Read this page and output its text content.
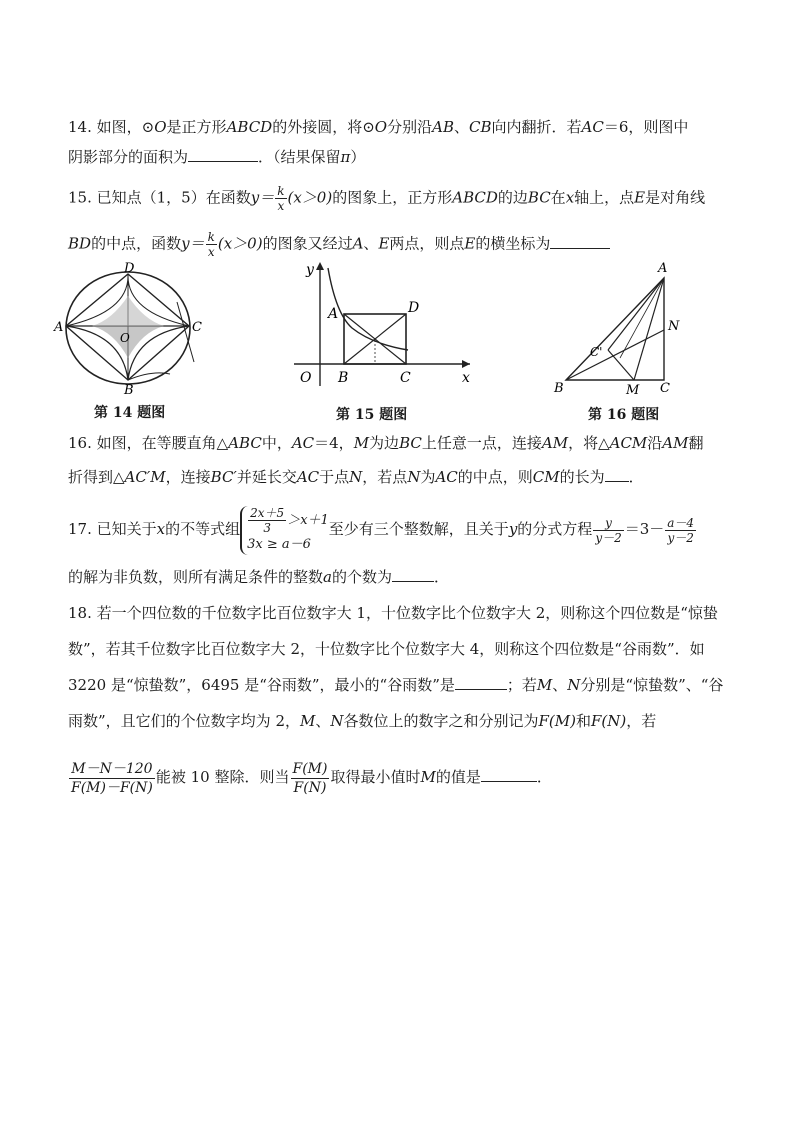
14. 如图，⊙O是正方形ABCD的外接圆，将⊙O分别沿AB、CB向内翻折．若AC＝6，则图中
阴影部分的面积为	．（结果保留π）
15. 已知点（1，5）在函数$y= \frac{k}{x} (x>0)$的图象上，正方形ABCD的边BC在x轴上，点E是对角线
BD的中点，函数$y= \frac{k}{x} (x>0)$的图象又经过A、E两点，则点E的横坐标为
D
A
O
C
B
第 14 题图
y
A	D
O B	C	x
第 15 题图
A
N
C'
B	M C
第 16 题图
16. 如图，在等腰直角△ABC中，AC＝4，M为边BC上任意一点，连接AM，将△ACM沿AM翻
折得到△AC′M，连接BC′并延长交AC于点N，若点N为AC的中点，则CM的长为 ．
17. 已知关于x的不等式组 $\frac{2x+5}{3} >x+1$
3x ≥ a－6
至少有三个整数解，且关于y的分式方程 $\frac{y}{y-2} =3- \frac{a-4}{y-2}$
的解为非负数，则所有满足条件的整数a的个数为	．
18. 若一个四位数的千位数字比百位数字大 1，十位数字比个位数字大 2，则称这个四位数是“惊蛰
数”，若其千位数字比百位数字大 2，十位数字比个位数字大 4，则称这个四位数是“谷雨数”．如
3220 是“惊蛰数”，6495 是“谷雨数”，最小的“谷雨数”是	；若M、N分别是“惊蛰数”、“谷
雨数”，且它们的个位数字均为 2，M、N各数位上的数字之和分别记为F(M)和F(N)，若
$\frac{M-N-120}{F(M)-F(N)}$ 能被 10 整除．则当 $\frac{F(M)}{F(N)}$ 取得最小值时M的值是	．
